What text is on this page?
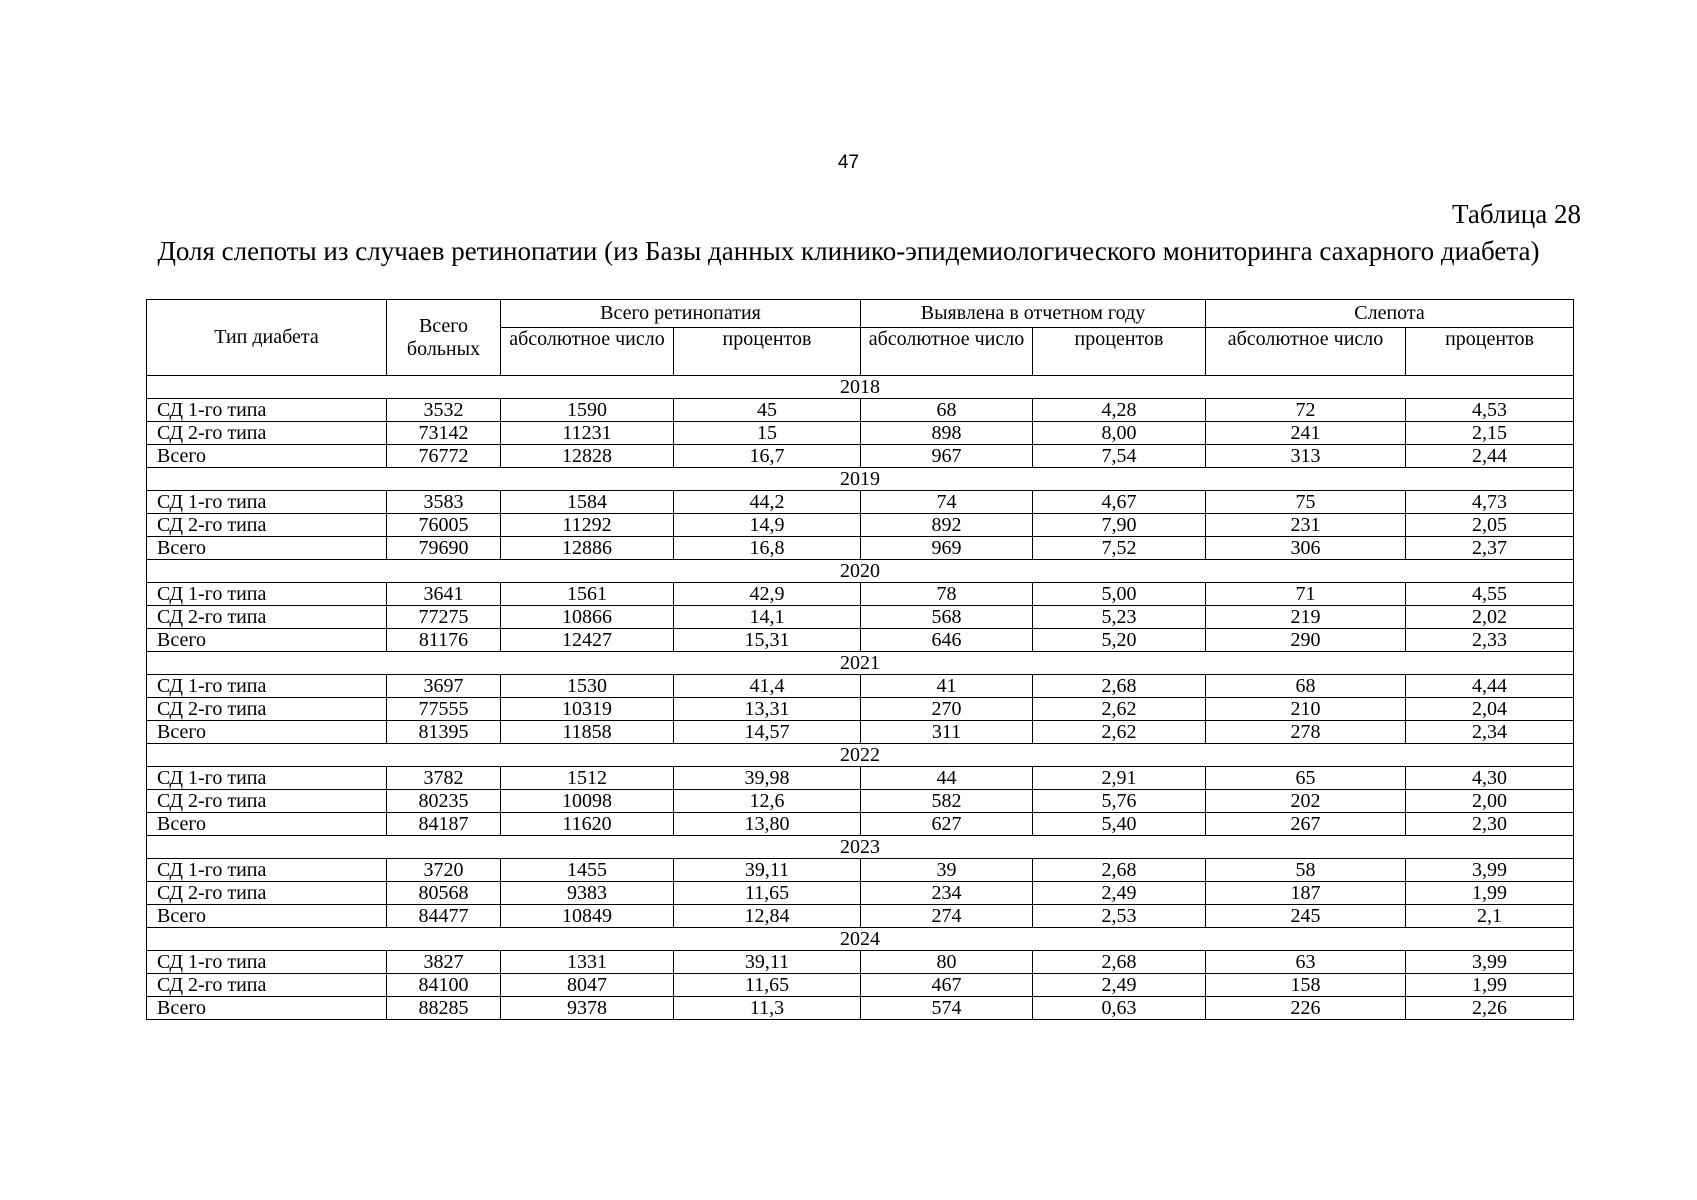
47
Таблица 28
Доля слепоты из случаев ретинопатии (из Базы данных клинико-эпидемиологического мониторинга сахарного диабета)
Тип диабета	Всего больных	Всего ретинопатия		Выявлена в отчетном году		Слепота	
		абсолютное число	процентов	абсолютное число	процентов	абсолютное число	процентов
2018							
СД 1-го типа	3532	1590	45	68	4,28	72	4,53
СД 2-го типа	73142	11231	15	898	8,00	241	2,15
Всего	76772	12828	16,7	967	7,54	313	2,44
2019							
СД 1-го типа	3583	1584	44,2	74	4,67	75	4,73
СД 2-го типа	76005	11292	14,9	892	7,90	231	2,05
Всего	79690	12886	16,8	969	7,52	306	2,37
2020							
СД 1-го типа	3641	1561	42,9	78	5,00	71	4,55
СД 2-го типа	77275	10866	14,1	568	5,23	219	2,02
Всего	81176	12427	15,31	646	5,20	290	2,33
2021							
СД 1-го типа	3697	1530	41,4	41	2,68	68	4,44
СД 2-го типа	77555	10319	13,31	270	2,62	210	2,04
Всего	81395	11858	14,57	311	2,62	278	2,34
2022							
СД 1-го типа	3782	1512	39,98	44	2,91	65	4,30
СД 2-го типа	80235	10098	12,6	582	5,76	202	2,00
Всего	84187	11620	13,80	627	5,40	267	2,30
2023							
СД 1-го типа	3720	1455	39,11	39	2,68	58	3,99
СД 2-го типа	80568	9383	11,65	234	2,49	187	1,99
Всего	84477	10849	12,84	274	2,53	245	2,1
2024							
СД 1-го типа	3827	1331	39,11	80	2,68	63	3,99
СД 2-го типа	84100	8047	11,65	467	2,49	158	1,99
Всего	88285	9378	11,3	574	0,63	226	2,26
